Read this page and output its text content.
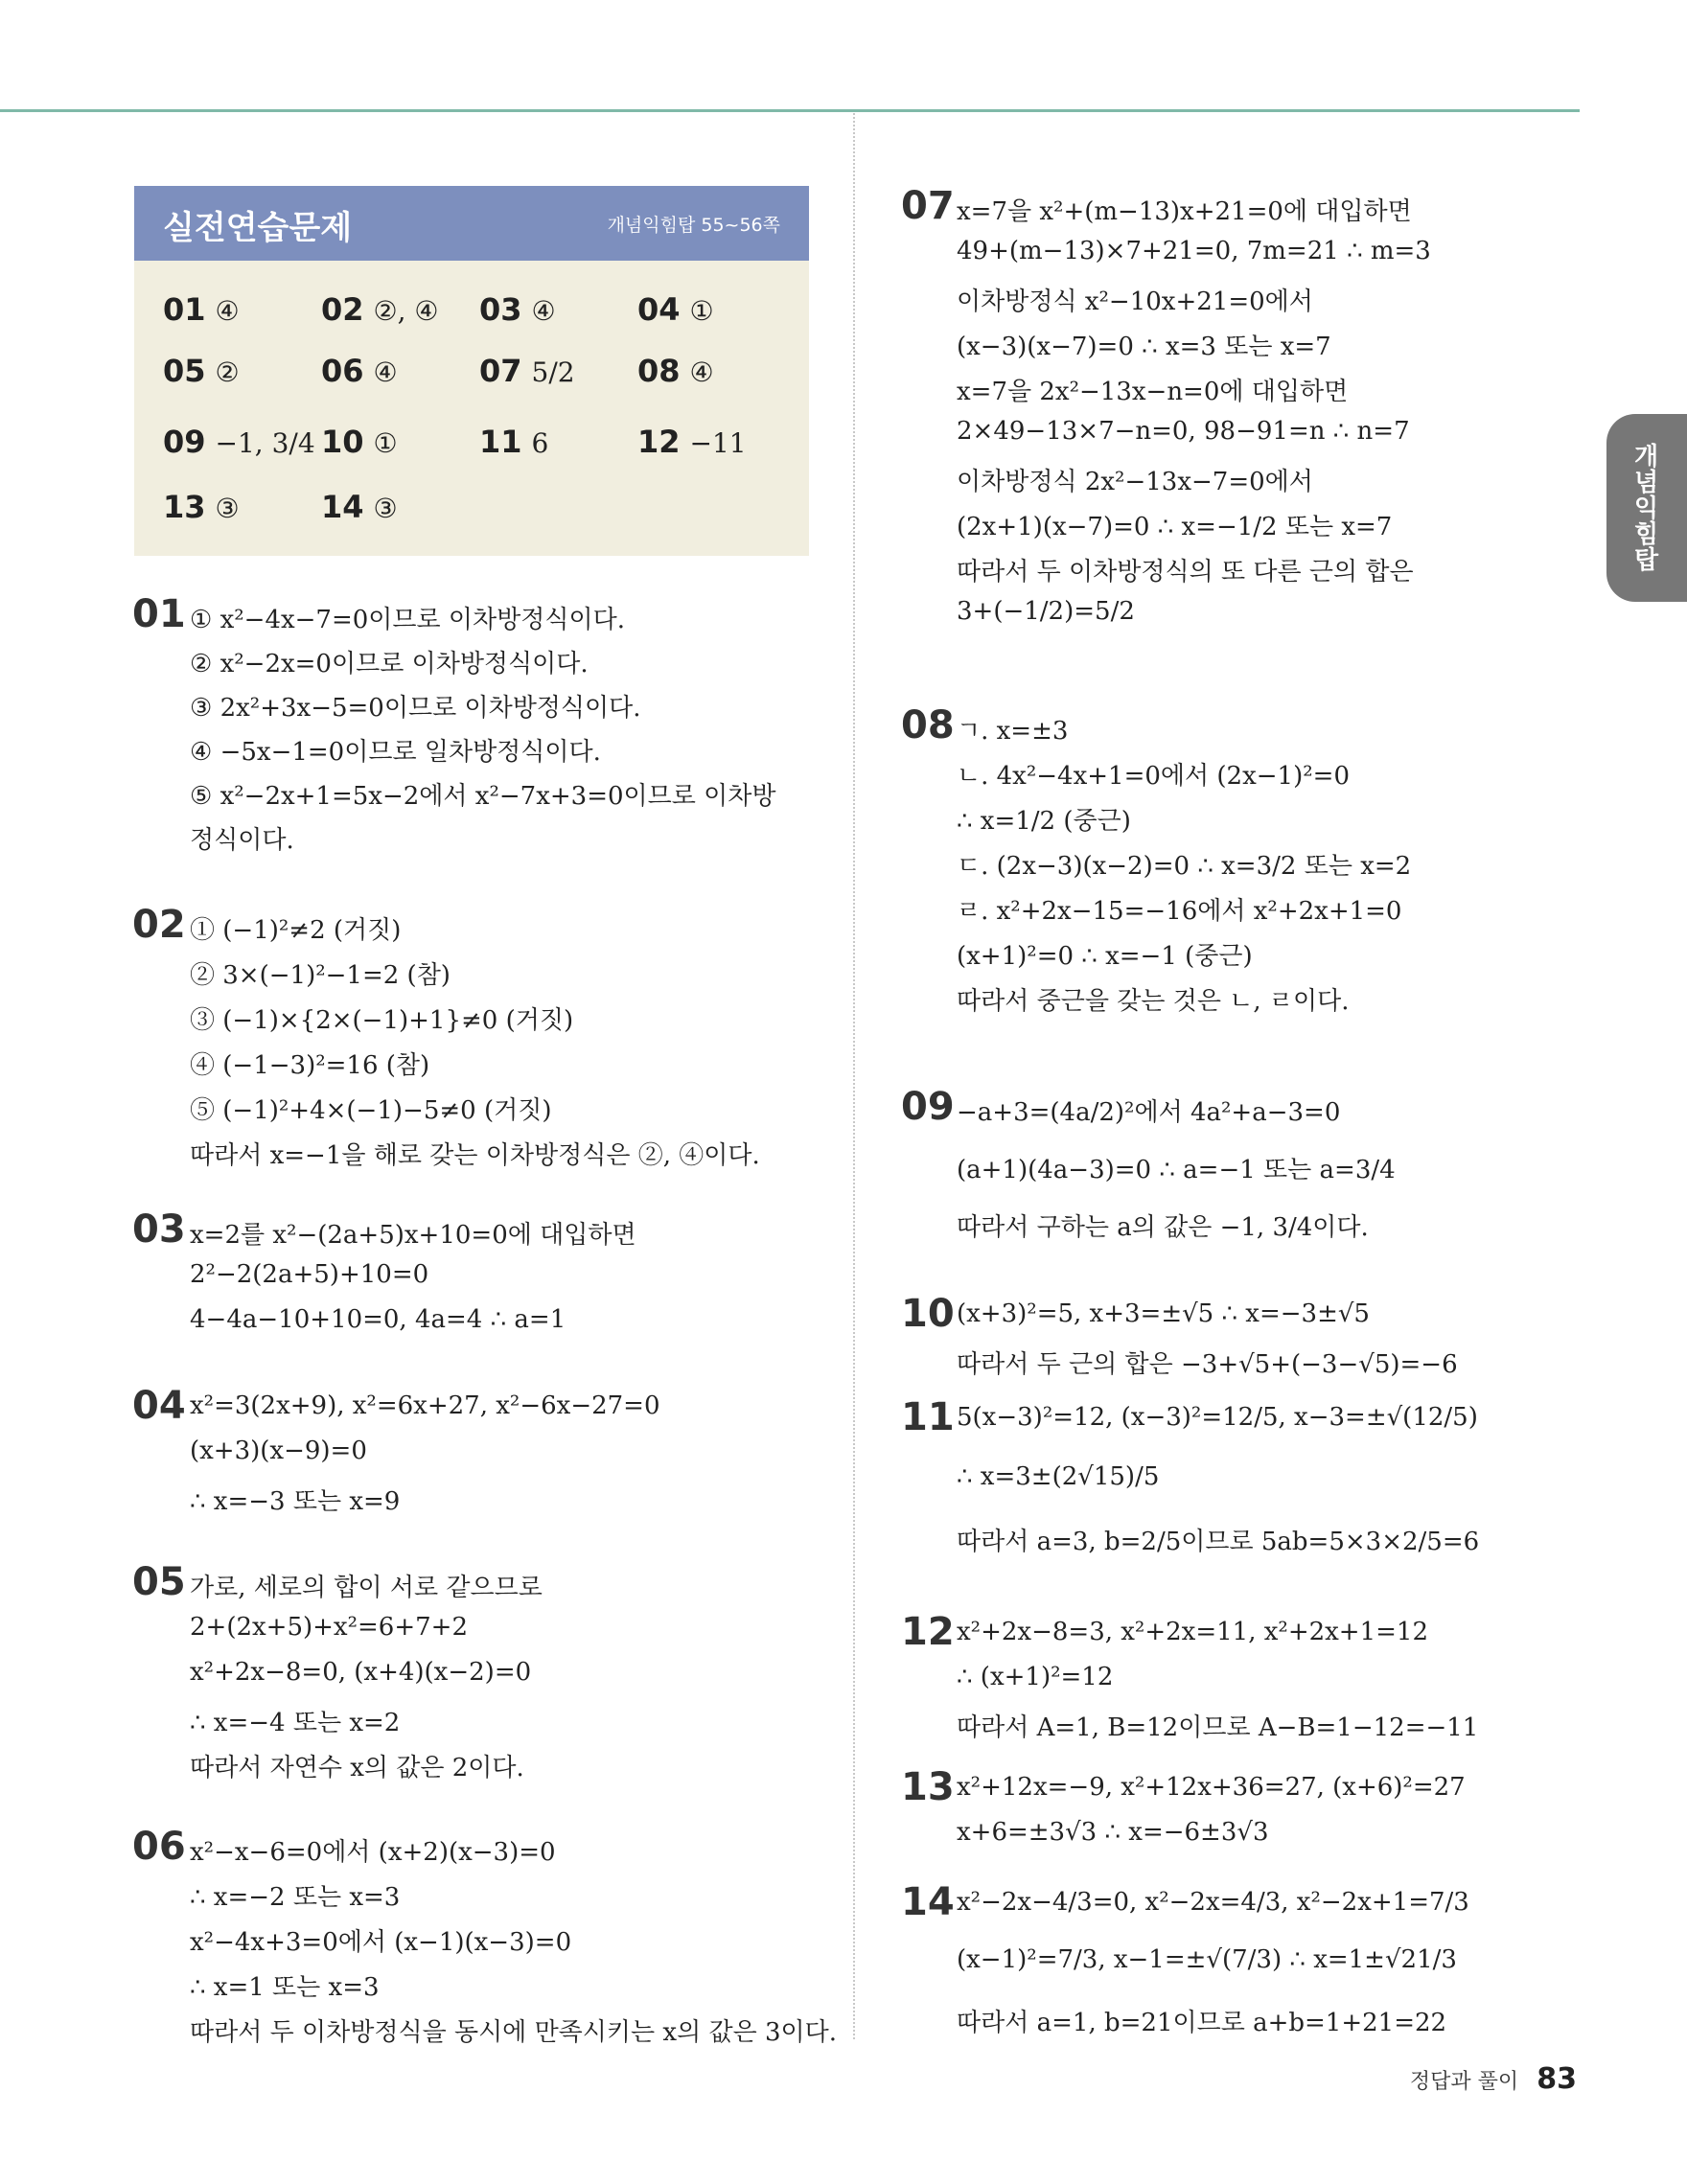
개념익힘탑
실전연습문제	개념익힘탑 55~56쪽
01 ④	02 ②, ④ 03 ④	04 ①
05 ②	06 ④	07 5/2 08 ④
09 −1, 3/4 10 ①	11 6	12 −11
13 ③	14 ③
01 ① x²−4x−7=0이므로 이차방정식이다.
② x²−2x=0이므로 이차방정식이다.
③ 2x²+3x−5=0이므로 이차방정식이다.
④ −5x−1=0이므로 일차방정식이다.
⑤ x²−2x+1=5x−2에서 x²−7x+3=0이므로 이차방
정식이다.
02 ① (−1)²≠2 (거짓)
② 3×(−1)²−1=2 (참)
③ (−1)×{2×(−1)+1}≠0 (거짓)
④ (−1−3)²=16 (참)
⑤ (−1)²+4×(−1)−5≠0 (거짓)
따라서 x=−1을 해로 갖는 이차방정식은 ②, ④이다.
03 x=2를 x²−(2a+5)x+10=0에 대입하면
2²−2(2a+5)+10=0
4−4a−10+10=0, 4a=4 ∴ a=1
04 x²=3(2x+9), x²=6x+27, x²−6x−27=0
(x+3)(x−9)=0
∴ x=−3 또는 x=9
05 가로, 세로의 합이 서로 같으므로
2+(2x+5)+x²=6+7+2
x²+2x−8=0, (x+4)(x−2)=0
∴ x=−4 또는 x=2
따라서 자연수 x의 값은 2이다.
06 x²−x−6=0에서 (x+2)(x−3)=0
∴ x=−2 또는 x=3
x²−4x+3=0에서 (x−1)(x−3)=0
∴ x=1 또는 x=3
따라서 두 이차방정식을 동시에 만족시키는 x의 값은 3이다.
07 x=7을 x²+(m−13)x+21=0에 대입하면
49+(m−13)×7+21=0, 7m=21 ∴ m=3
이차방정식 x²−10x+21=0에서
(x−3)(x−7)=0 ∴ x=3 또는 x=7
x=7을 2x²−13x−n=0에 대입하면
2×49−13×7−n=0, 98−91=n ∴ n=7
이차방정식 2x²−13x−7=0에서
(2x+1)(x−7)=0 ∴ x=−1/2 또는 x=7
따라서 두 이차방정식의 또 다른 근의 합은
3+(−1/2)=5/2
08 ㄱ. x=±3
ㄴ. 4x²−4x+1=0에서 (2x−1)²=0
∴ x=1/2 (중근)
ㄷ. (2x−3)(x−2)=0 ∴ x=3/2 또는 x=2
ㄹ. x²+2x−15=−16에서 x²+2x+1=0
(x+1)²=0 ∴ x=−1 (중근)
따라서 중근을 갖는 것은 ㄴ, ㄹ이다.
09 −a+3=(4a/2)²에서 4a²+a−3=0
(a+1)(4a−3)=0 ∴ a=−1 또는 a=3/4
따라서 구하는 a의 값은 −1, 3/4이다.
10 (x+3)²=5, x+3=±√5 ∴ x=−3±√5
따라서 두 근의 합은 −3+√5+(−3−√5)=−6
11 5(x−3)²=12, (x−3)²=12/5, x−3=±√(12/5)
∴ x=3±(2√15)/5
따라서 a=3, b=2/5이므로 5ab=5×3×2/5=6
12 x²+2x−8=3, x²+2x=11, x²+2x+1=12
∴ (x+1)²=12
따라서 A=1, B=12이므로 A−B=1−12=−11
13 x²+12x=−9, x²+12x+36=27, (x+6)²=27
x+6=±3√3 ∴ x=−6±3√3
14 x²−2x−4/3=0, x²−2x=4/3, x²−2x+1=7/3
(x−1)²=7/3, x−1=±√(7/3) ∴ x=1±√21/3
따라서 a=1, b=21이므로 a+b=1+21=22
정답과 풀이 83
